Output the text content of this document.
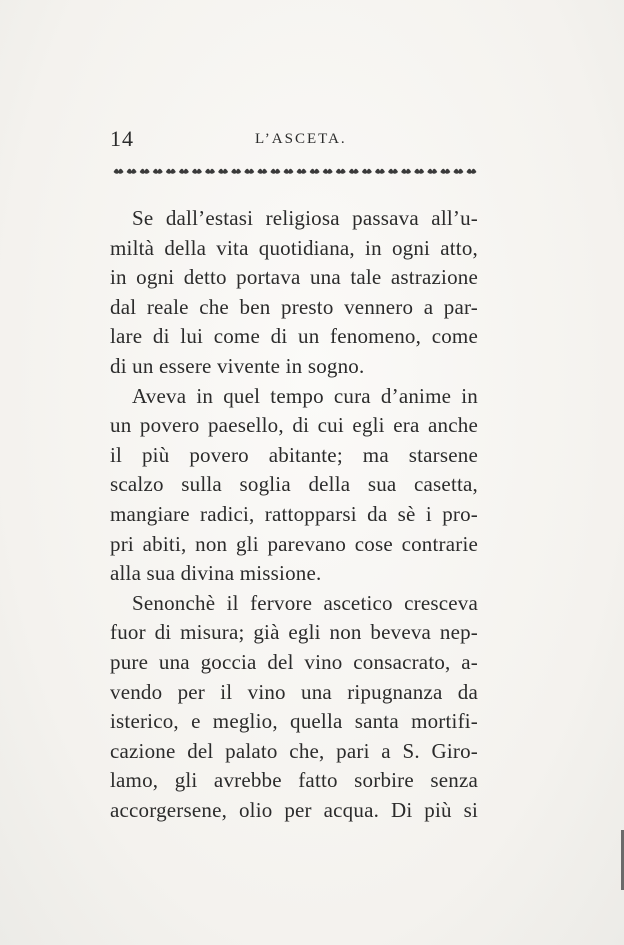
14	L’ASCETA.
Se dall’estasi religiosa passava all’u-
miltà della vita quotidiana, in ogni atto,
in ogni detto portava una tale astrazione
dal reale che ben presto vennero a par-
lare di lui come di un fenomeno, come
di un essere vivente in sogno.
Aveva in quel tempo cura d’anime in
un povero paesello, di cui egli era anche
il più povero abitante; ma starsene
scalzo sulla soglia della sua casetta,
mangiare radici, rattopparsi da sè i pro-
pri abiti, non gli parevano cose contrarie
alla sua divina missione.
Senonchè il fervore ascetico cresceva
fuor di misura; già egli non beveva nep-
pure una goccia del vino consacrato, a-
vendo per il vino una ripugnanza da
isterico, e meglio, quella santa mortifi-
cazione del palato che, pari a S. Giro-
lamo, gli avrebbe fatto sorbire senza
accorgersene, olio per acqua. Di più si
